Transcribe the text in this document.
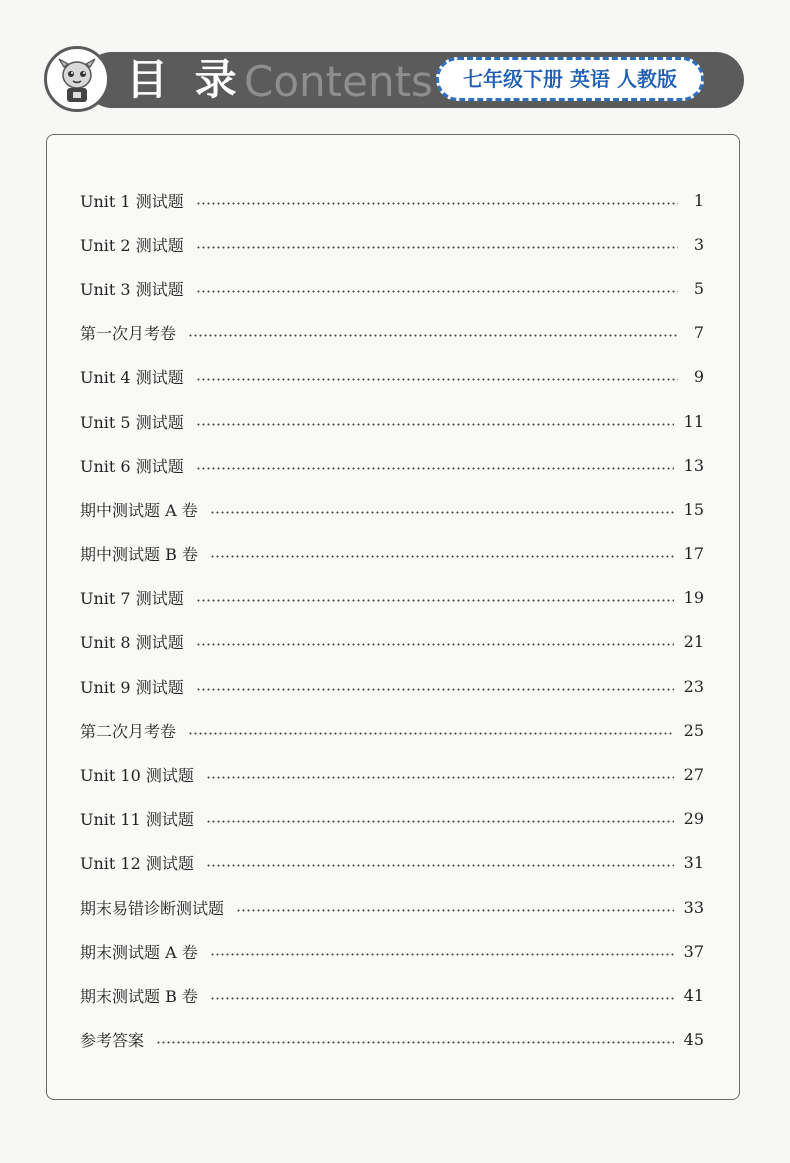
目 录 Contents	七年级下册 英语 人教版
Unit 1 测试题	1
Unit 2 测试题	3
Unit 3 测试题	5
第一次月考卷	7
Unit 4 测试题	9
Unit 5 测试题	11
Unit 6 测试题	13
期中测试题 A 卷	15
期中测试题 B 卷	17
Unit 7 测试题	19
Unit 8 测试题	21
Unit 9 测试题	23
第二次月考卷	25
Unit 10 测试题	27
Unit 11 测试题	29
Unit 12 测试题	31
期末易错诊断测试题	33
期末测试题 A 卷	37
期末测试题 B 卷	41
参考答案	45
